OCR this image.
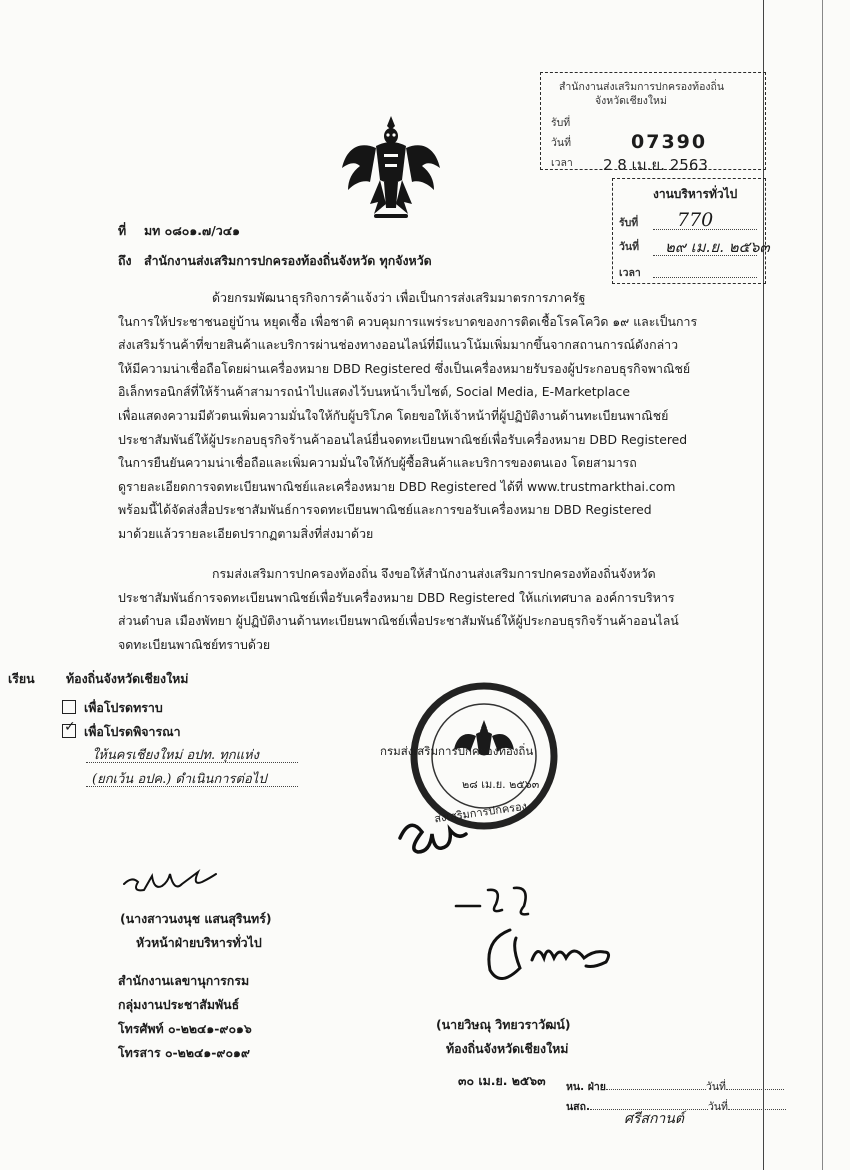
สำนักงานส่งเสริมการปกครองท้องถิ่น
จังหวัดเชียงใหม่
รับที่
07390
วันที่
2 8 เม.ย. 2563
เวลา
งานบริหารทั่วไป
รับที่ 770
วันที่ ๒๙ เม.ย. ๒๕๖๓
เวลา
ที่ มท ๐๘๐๑.๗/ว๔๑
ถึง สำนักงานส่งเสริมการปกครองท้องถิ่นจังหวัด ทุกจังหวัด
ด้วยกรมพัฒนาธุรกิจการค้าแจ้งว่า เพื่อเป็นการส่งเสริมมาตรการภาครัฐ
ในการให้ประชาชนอยู่บ้าน หยุดเชื้อ เพื่อชาติ ควบคุมการแพร่ระบาดของการติดเชื้อโรคโควิด ๑๙ และเป็นการ
ส่งเสริมร้านค้าที่ขายสินค้าและบริการผ่านช่องทางออนไลน์ที่มีแนวโน้มเพิ่มมากขึ้นจากสถานการณ์ดังกล่าว
ให้มีความน่าเชื่อถือโดยผ่านเครื่องหมาย DBD Registered ซึ่งเป็นเครื่องหมายรับรองผู้ประกอบธุรกิจพาณิชย์
อิเล็กทรอนิกส์ที่ให้ร้านค้าสามารถนำไปแสดงไว้บนหน้าเว็บไซต์, Social Media, E-Marketplace
เพื่อแสดงความมีตัวตนเพิ่มความมั่นใจให้กับผู้บริโภค โดยขอให้เจ้าหน้าที่ผู้ปฏิบัติงานด้านทะเบียนพาณิชย์
ประชาสัมพันธ์ให้ผู้ประกอบธุรกิจร้านค้าออนไลน์ยื่นจดทะเบียนพาณิชย์เพื่อรับเครื่องหมาย DBD Registered
ในการยืนยันความน่าเชื่อถือและเพิ่มความมั่นใจให้กับผู้ซื้อสินค้าและบริการของตนเอง โดยสามารถ
ดูรายละเอียดการจดทะเบียนพาณิชย์และเครื่องหมาย DBD Registered ได้ที่ www.trustmarkthai.com
พร้อมนี้ได้จัดส่งสื่อประชาสัมพันธ์การจดทะเบียนพาณิชย์และการขอรับเครื่องหมาย DBD Registered
มาด้วยแล้วรายละเอียดปรากฏตามสิ่งที่ส่งมาด้วย
กรมส่งเสริมการปกครองท้องถิ่น จึงขอให้สำนักงานส่งเสริมการปกครองท้องถิ่นจังหวัด
ประชาสัมพันธ์การจดทะเบียนพาณิชย์เพื่อรับเครื่องหมาย DBD Registered ให้แก่เทศบาล องค์การบริหาร
ส่วนตำบล เมืองพัทยา ผู้ปฏิบัติงานด้านทะเบียนพาณิชย์เพื่อประชาสัมพันธ์ให้ผู้ประกอบธุรกิจร้านค้าออนไลน์
จดทะเบียนพาณิชย์ทราบด้วย
เรียน	ท้องถิ่นจังหวัดเชียงใหม่
เพื่อโปรดทราบ
✓ เพื่อโปรดพิจารณา
ให้นครเชียงใหม่ อปท. ทุกแห่ง
(ยกเว้น อปค.) ดำเนินการต่อไป
กรมส่งเสริมการปกครองท้องถิ่น
๒๘ เม.ย. ๒๕๖๓
ส่งเสริมการปกครอง
(นางสาวนงนุช แสนสุรินทร์)
หัวหน้าฝ่ายบริหารทั่วไป
สำนักงานเลขานุการกรม
กลุ่มงานประชาสัมพันธ์
โทรศัพท์ ๐-๒๒๔๑-๙๐๑๖
โทรสาร ๐-๒๒๔๑-๙๐๑๙
(นายวิษณุ วิทยวราวัฒน์)
ท้องถิ่นจังหวัดเชียงใหม่
๓๐ เม.ย. ๒๕๖๓ หน. ฝ่าย	วันที่
นสถ.	วันที่
ศรีสกานต์
